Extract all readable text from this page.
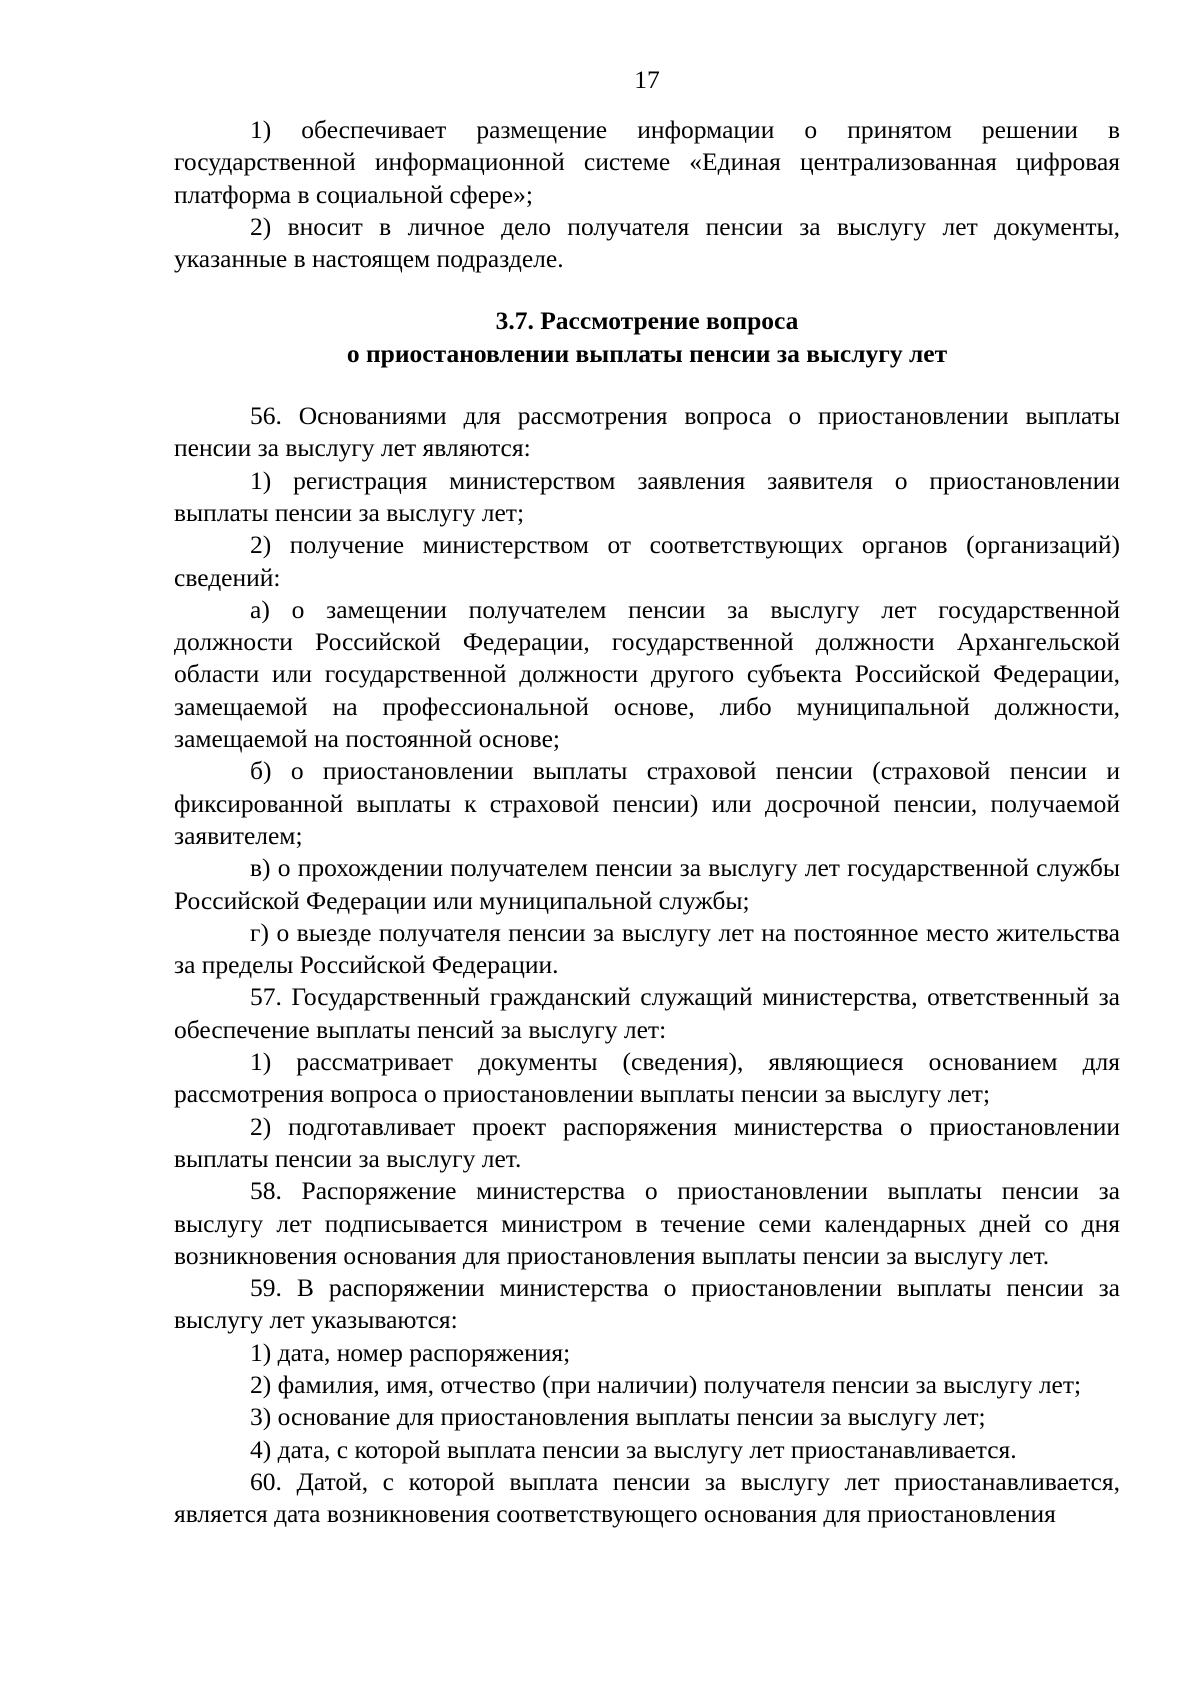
17

1) обеспечивает размещение информации о принятом решении в государственной информационной системе «Единая централизованная цифровая платформа в социальной сфере»;

2) вносит в личное дело получателя пенсии за выслугу лет документы, указанные в настоящем подразделе.

3.7. Рассмотрение вопроса
о приостановлении выплаты пенсии за выслугу лет

56. Основаниями для рассмотрения вопроса о приостановлении выплаты пенсии за выслугу лет являются:

1) регистрация министерством заявления заявителя о приостановлении выплаты пенсии за выслугу лет;

2) получение министерством от соответствующих органов (организаций) сведений:

а) о замещении получателем пенсии за выслугу лет государственной должности Российской Федерации, государственной должности Архангельской области или государственной должности другого субъекта Российской Федерации, замещаемой на профессиональной основе, либо муниципальной должности, замещаемой на постоянной основе;

б) о приостановлении выплаты страховой пенсии (страховой пенсии и фиксированной выплаты к страховой пенсии) или досрочной пенсии, получаемой заявителем;

в) о прохождении получателем пенсии за выслугу лет государственной службы Российской Федерации или муниципальной службы;

г) о выезде получателя пенсии за выслугу лет на постоянное место жительства за пределы Российской Федерации.

57. Государственный гражданский служащий министерства, ответственный за обеспечение выплаты пенсий за выслугу лет:

1) рассматривает документы (сведения), являющиеся основанием для рассмотрения вопроса о приостановлении выплаты пенсии за выслугу лет;

2) подготавливает проект распоряжения министерства о приостановлении выплаты пенсии за выслугу лет.

58. Распоряжение министерства о приостановлении выплаты пенсии за выслугу лет подписывается министром в течение семи календарных дней со дня возникновения основания для приостановления выплаты пенсии за выслугу лет.

59. В распоряжении министерства о приостановлении выплаты пенсии за выслугу лет указываются:

1) дата, номер распоряжения;

2) фамилия, имя, отчество (при наличии) получателя пенсии за выслугу лет;

3) основание для приостановления выплаты пенсии за выслугу лет;

4) дата, с которой выплата пенсии за выслугу лет приостанавливается.

60. Датой, с которой выплата пенсии за выслугу лет приостанавливается, является дата возникновения соответствующего основания для приостановления
